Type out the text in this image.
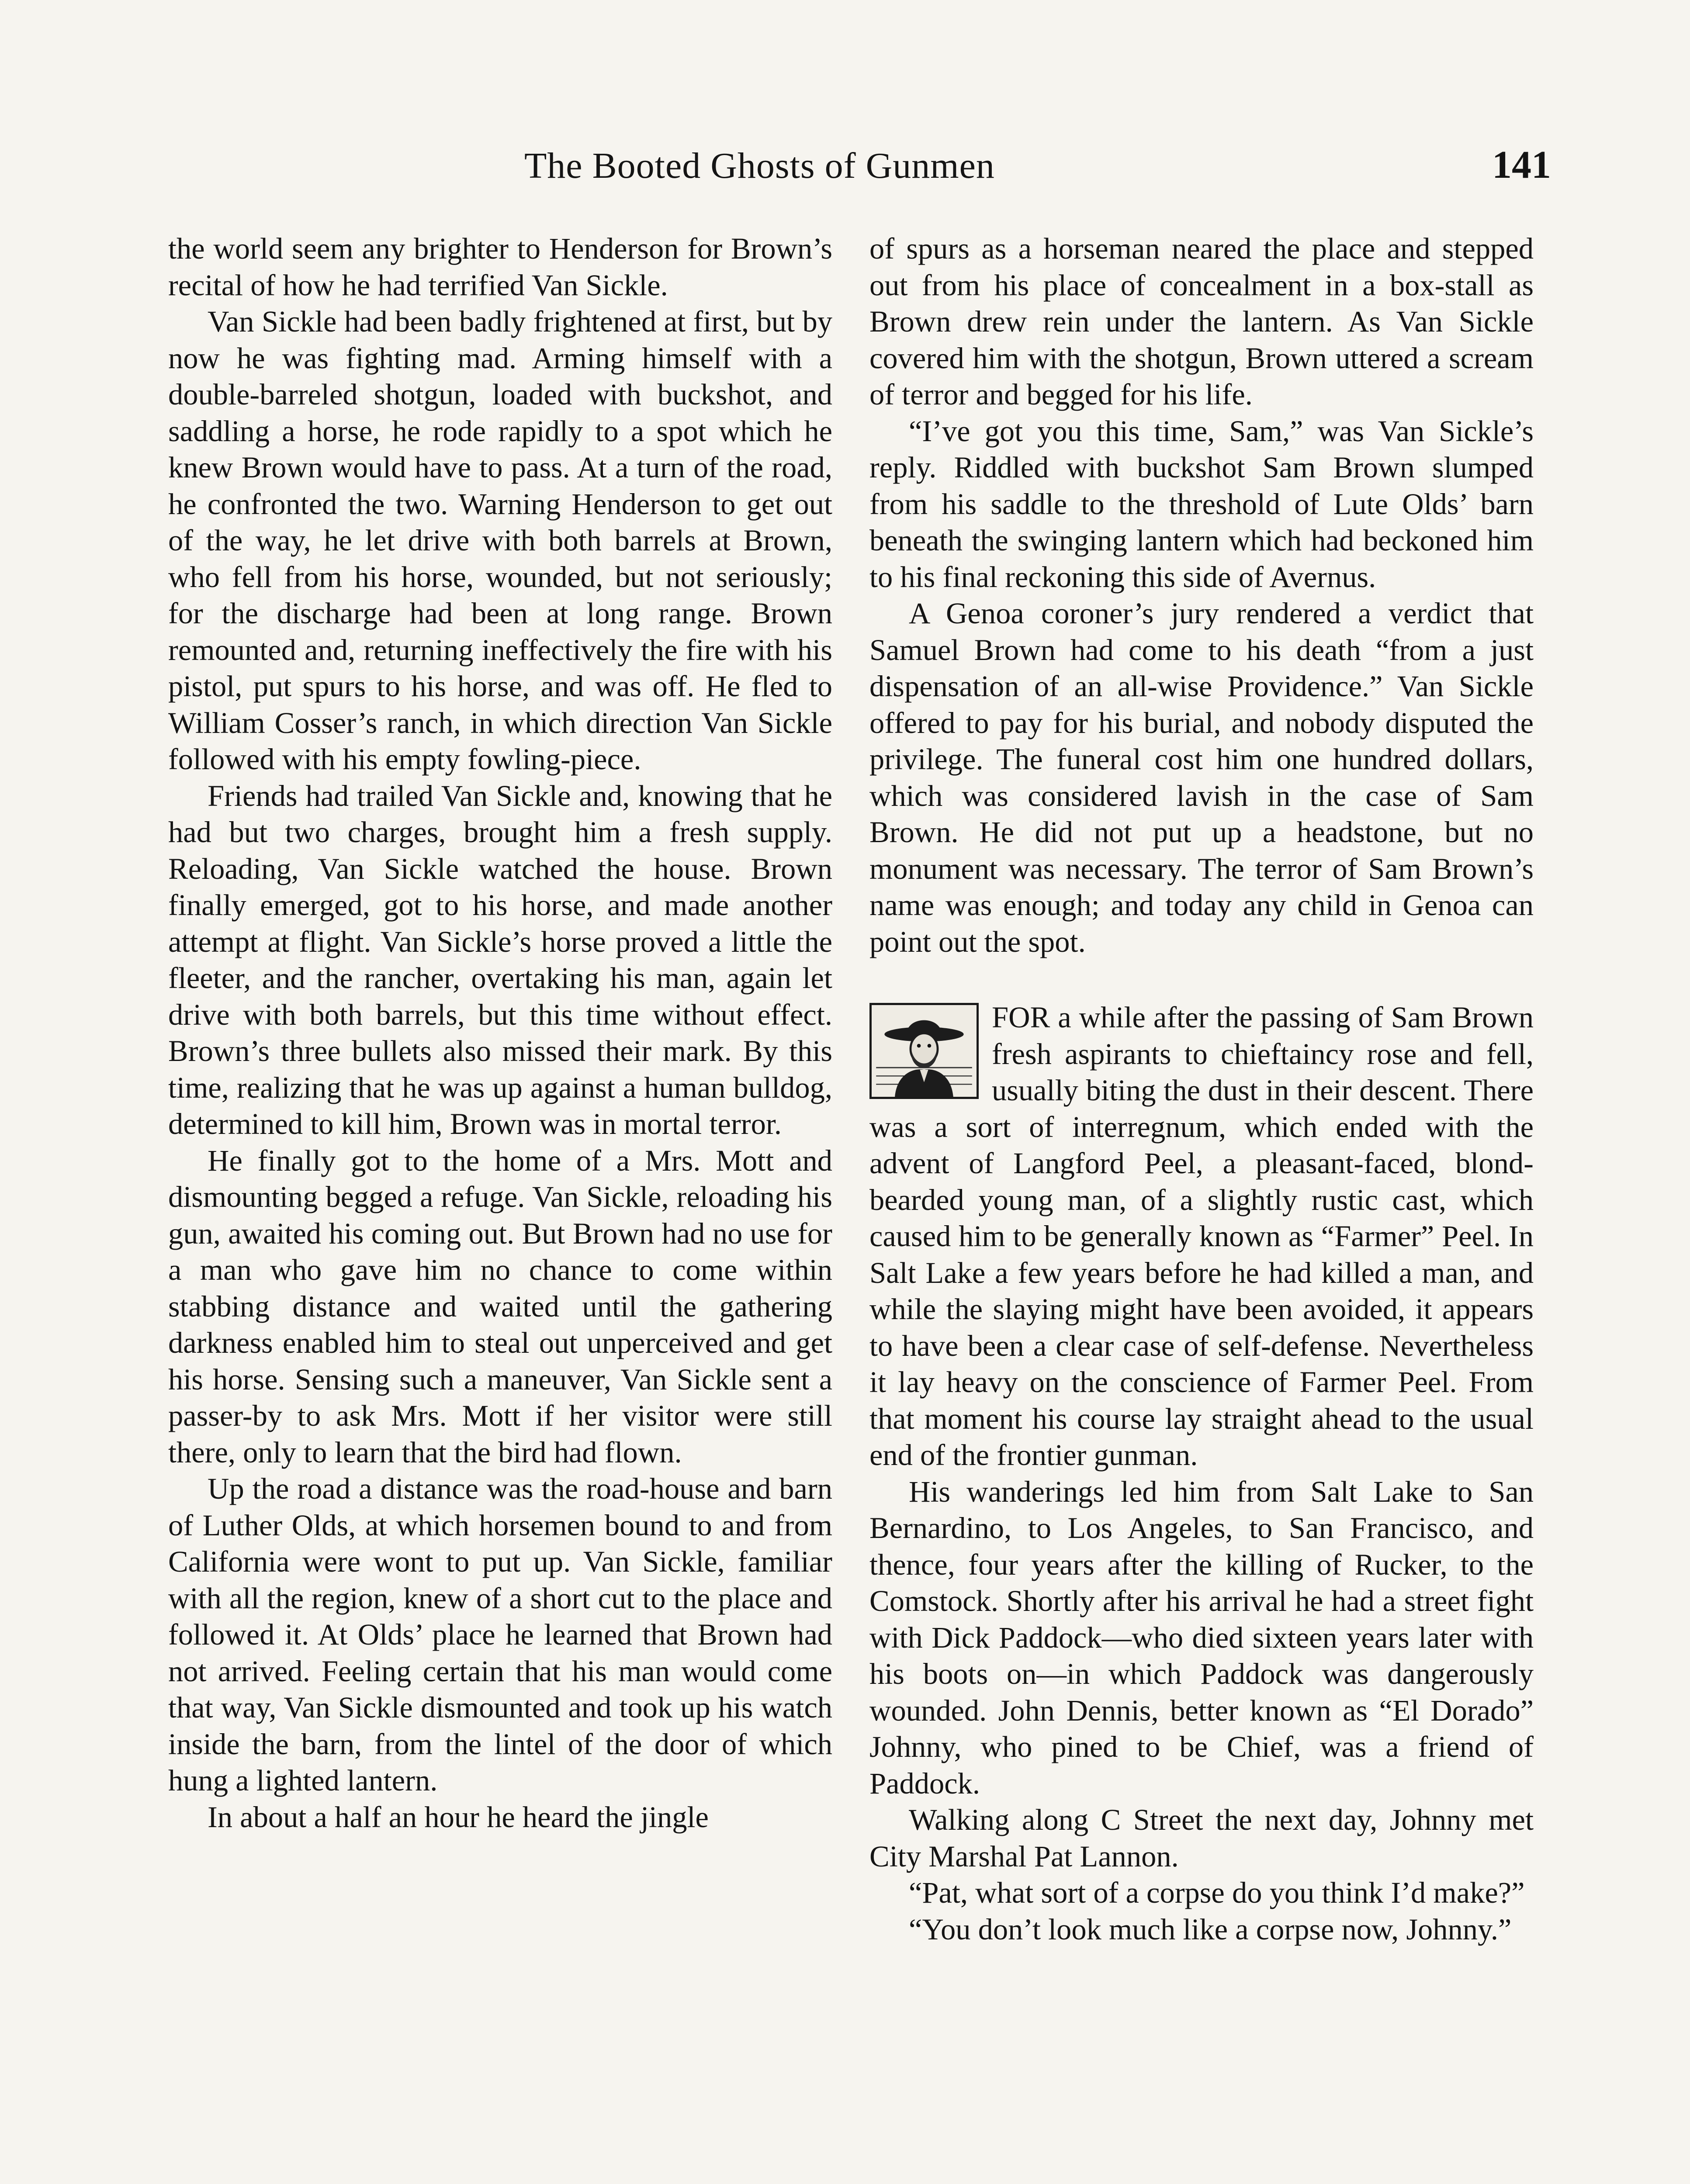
The Booted Ghosts of Gunmen	141

the world seem any brighter to Henderson for Brown’s recital of how he had terrified Van Sickle.

Van Sickle had been badly frightened at first, but by now he was fighting mad. Arming himself with a double-barreled shotgun, loaded with buckshot, and saddling a horse, he rode rapidly to a spot which he knew Brown would have to pass. At a turn of the road, he confronted the two. Warning Henderson to get out of the way, he let drive with both barrels at Brown, who fell from his horse, wounded, but not seriously; for the discharge had been at long range. Brown remounted and, returning ineffectively the fire with his pistol, put spurs to his horse, and was off. He fled to William Cosser’s ranch, in which direction Van Sickle followed with his empty fowling-piece.

Friends had trailed Van Sickle and, knowing that he had but two charges, brought him a fresh supply. Reloading, Van Sickle watched the house. Brown finally emerged, got to his horse, and made another attempt at flight. Van Sickle’s horse proved a little the fleeter, and the rancher, overtaking his man, again let drive with both barrels, but this time without effect. Brown’s three bullets also missed their mark. By this time, realizing that he was up against a human bulldog, determined to kill him, Brown was in mortal terror.

He finally got to the home of a Mrs. Mott and dismounting begged a refuge. Van Sickle, reloading his gun, awaited his coming out. But Brown had no use for a man who gave him no chance to come within stabbing distance and waited until the gathering darkness enabled him to steal out unperceived and get his horse. Sensing such a maneuver, Van Sickle sent a passer-by to ask Mrs. Mott if her visitor were still there, only to learn that the bird had flown.

Up the road a distance was the road-house and barn of Luther Olds, at which horsemen bound to and from California were wont to put up. Van Sickle, familiar with all the region, knew of a short cut to the place and followed it. At Olds’ place he learned that Brown had not arrived. Feeling certain that his man would come that way, Van Sickle dismounted and took up his watch inside the barn, from the lintel of the door of which hung a lighted lantern.

In about a half an hour he heard the jingle

of spurs as a horseman neared the place and stepped out from his place of concealment in a box-stall as Brown drew rein under the lantern. As Van Sickle covered him with the shotgun, Brown uttered a scream of terror and begged for his life.

“I’ve got you this time, Sam,” was Van Sickle’s reply. Riddled with buckshot Sam Brown slumped from his saddle to the threshold of Lute Olds’ barn beneath the swinging lantern which had beckoned him to his final reckoning this side of Avernus.

A Genoa coroner’s jury rendered a verdict that Samuel Brown had come to his death “from a just dispensation of an all-wise Providence.” Van Sickle offered to pay for his burial, and nobody disputed the privilege. The funeral cost him one hundred dollars, which was considered lavish in the case of Sam Brown. He did not put up a headstone, but no monument was necessary. The terror of Sam Brown’s name was enough; and today any child in Genoa can point out the spot.

FOR a while after the passing of Sam Brown fresh aspirants to chieftaincy rose and fell, usually biting the dust in their descent. There was a sort of interregnum, which ended with the advent of Langford Peel, a pleasant-faced, blond-bearded young man, of a slightly rustic cast, which caused him to be generally known as “Farmer” Peel. In Salt Lake a few years before he had killed a man, and while the slaying might have been avoided, it appears to have been a clear case of self-defense. Nevertheless it lay heavy on the conscience of Farmer Peel. From that moment his course lay straight ahead to the usual end of the frontier gunman.

His wanderings led him from Salt Lake to San Bernardino, to Los Angeles, to San Francisco, and thence, four years after the killing of Rucker, to the Comstock. Shortly after his arrival he had a street fight with Dick Paddock—who died sixteen years later with his boots on—in which Paddock was dangerously wounded. John Dennis, better known as “El Dorado” Johnny, who pined to be Chief, was a friend of Paddock.

Walking along C Street the next day, Johnny met City Marshal Pat Lannon.

“Pat, what sort of a corpse do you think I’d make?”

“You don’t look much like a corpse now, Johnny.”
